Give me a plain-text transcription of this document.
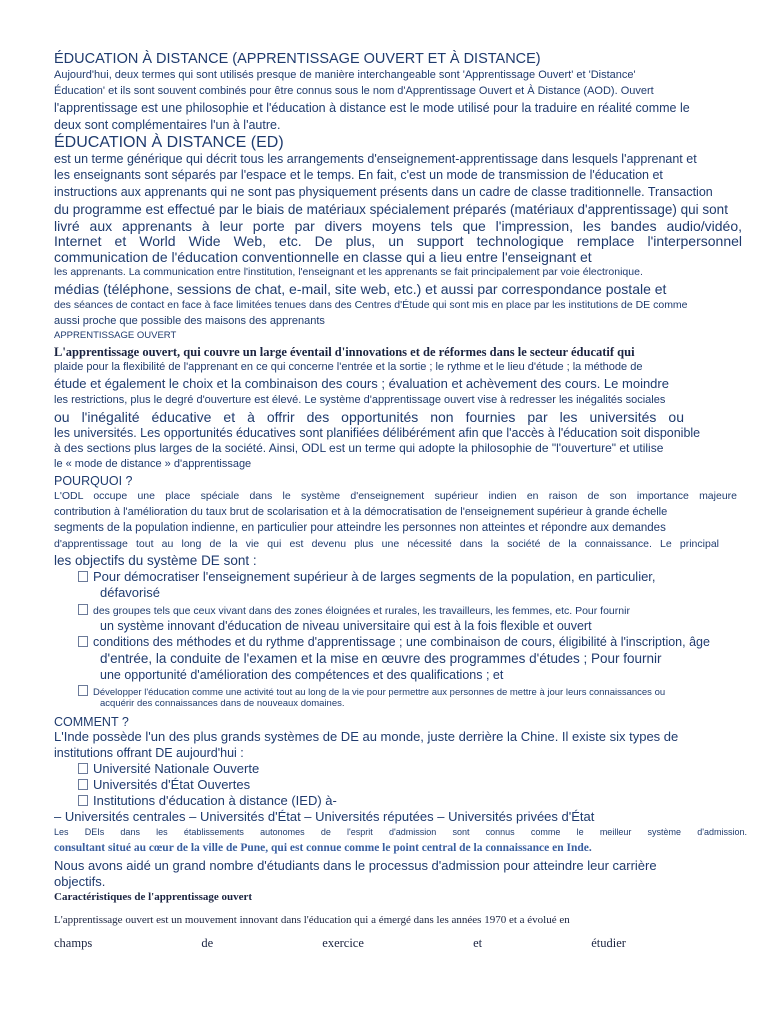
ÉDUCATION À DISTANCE (APPRENTISSAGE OUVERT ET À DISTANCE)
Aujourd'hui, deux termes qui sont utilisés presque de manière interchangeable sont 'Apprentissage Ouvert' et 'Distance'
Éducation' et ils sont souvent combinés pour être connus sous le nom d'Apprentissage Ouvert et À Distance (AOD). Ouvert
l'apprentissage est une philosophie et l'éducation à distance est le mode utilisé pour la traduire en réalité comme le
deux sont complémentaires l'un à l'autre.
ÉDUCATION À DISTANCE (ED)
est un terme générique qui décrit tous les arrangements d'enseignement-apprentissage dans lesquels l'apprenant et
les enseignants sont séparés par l'espace et le temps. En fait, c'est un mode de transmission de l'éducation et
instructions aux apprenants qui ne sont pas physiquement présents dans un cadre de classe traditionnelle. Transaction
du programme est effectué par le biais de matériaux spécialement préparés (matériaux d'apprentissage) qui sont
livré aux apprenants à leur porte par divers moyens tels que l'impression, les bandes audio/vidéo,
Internet et World Wide Web, etc. De plus, un support technologique remplace l'interpersonnel
communication de l'éducation conventionnelle en classe qui a lieu entre l'enseignant et
les apprenants. La communication entre l'institution, l'enseignant et les apprenants se fait principalement par voie électronique.
médias (téléphone, sessions de chat, e-mail, site web, etc.) et aussi par correspondance postale et
des séances de contact en face à face limitées tenues dans des Centres d'Étude qui sont mis en place par les institutions de DE comme
aussi proche que possible des maisons des apprenants
APPRENTISSAGE OUVERT
L'apprentissage ouvert, qui couvre un large éventail d'innovations et de réformes dans le secteur éducatif qui
plaide pour la flexibilité de l'apprenant en ce qui concerne l'entrée et la sortie ; le rythme et le lieu d'étude ; la méthode de
étude et également le choix et la combinaison des cours ; évaluation et achèvement des cours. Le moindre
les restrictions, plus le degré d'ouverture est élevé. Le système d'apprentissage ouvert vise à redresser les inégalités sociales
ou l'inégalité éducative et à offrir des opportunités non fournies par les universités ou
les universités. Les opportunités éducatives sont planifiées délibérément afin que l'accès à l'éducation soit disponible
à des sections plus larges de la société. Ainsi, ODL est un terme qui adopte la philosophie de "l'ouverture" et utilise
le « mode de distance » d'apprentissage
POURQUOI ?
L'ODL occupe une place spéciale dans le système d'enseignement supérieur indien en raison de son importance majeure
contribution à l'amélioration du taux brut de scolarisation et à la démocratisation de l'enseignement supérieur à grande échelle
segments de la population indienne, en particulier pour atteindre les personnes non atteintes et répondre aux demandes
d'apprentissage tout au long de la vie qui est devenu plus une nécessité dans la société de la connaissance. Le principal
les objectifs du système DE sont :
Pour démocratiser l'enseignement supérieur à de larges segments de la population, en particulier,
défavorisé
des groupes tels que ceux vivant dans des zones éloignées et rurales, les travailleurs, les femmes, etc. Pour fournir
un système innovant d'éducation de niveau universitaire qui est à la fois flexible et ouvert
conditions des méthodes et du rythme d'apprentissage ; une combinaison de cours, éligibilité à l'inscription, âge
d'entrée, la conduite de l'examen et la mise en œuvre des programmes d'études ; Pour fournir
une opportunité d'amélioration des compétences et des qualifications ; et
Développer l'éducation comme une activité tout au long de la vie pour permettre aux personnes de mettre à jour leurs connaissances ou
acquérir des connaissances dans de nouveaux domaines.
COMMENT ?
L'Inde possède l'un des plus grands systèmes de DE au monde, juste derrière la Chine. Il existe six types de
institutions offrant DE aujourd'hui :
Université Nationale Ouverte
Universités d'État Ouvertes
Institutions d'éducation à distance (IED) à-
– Universités centrales – Universités d'État – Universités réputées – Universités privées d'État
Les DEIs dans les établissements autonomes de l'esprit d'admission sont connus comme le meilleur système d'admission.
consultant situé au cœur de la ville de Pune, qui est connue comme le point central de la connaissance en Inde.
Nous avons aidé un grand nombre d'étudiants dans le processus d'admission pour atteindre leur carrière
objectifs.
Caractéristiques de l'apprentissage ouvert
L'apprentissage ouvert est un mouvement innovant dans l'éducation qui a émergé dans les années 1970 et a évolué en
champs	de	exercice	et	étudier
